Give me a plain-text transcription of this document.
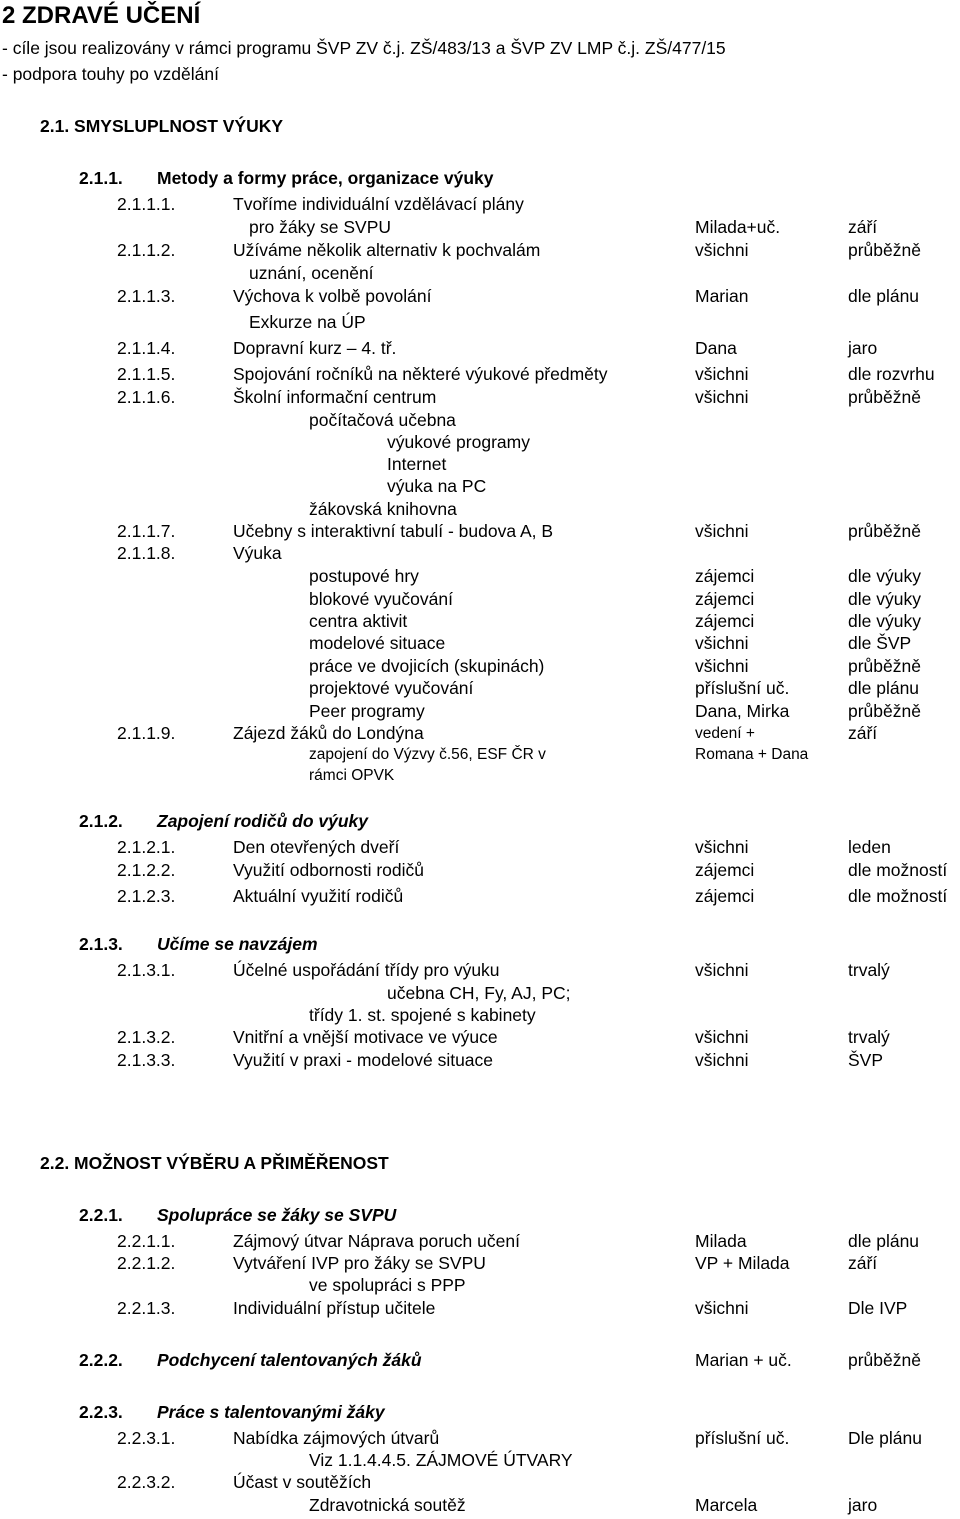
2 ZDRAVÉ UČENÍ
- cíle jsou realizovány v rámci programu ŠVP ZV č.j. ZŠ/483/13 a ŠVP ZV LMP č.j. ZŠ/477/15
- podpora touhy po vzdělání
2.1. SMYSLUPLNOST VÝUKY
2.1.1. Metody a formy práce, organizace výuky
2.1.1.1.	Tvoříme individuální vzdělávací plány
pro žáky se SVPU	Milada+uč.	září
2.1.1.2.	Užíváme několik alternativ k pochvalám	všichni	průběžně
uznání, ocenění
2.1.1.3.	Výchova k volbě povolání	Marian	dle plánu
Exkurze na ÚP
2.1.1.4.	Dopravní kurz – 4. tř.	Dana	jaro
2.1.1.5.	Spojování ročníků na některé výukové předměty	všichni	dle rozvrhu
2.1.1.6.	Školní informační centrum	všichni	průběžně
počítačová učebna
výukové programy
Internet
výuka na PC
žákovská knihovna
2.1.1.7.	Učebny s interaktivní tabulí - budova A, B	všichni	průběžně
2.1.1.8.	Výuka
postupové hry	zájemci	dle výuky
blokové vyučování	zájemci	dle výuky
centra aktivit	zájemci	dle výuky
modelové situace	všichni	dle ŠVP
práce ve dvojicích (skupinách)	všichni	průběžně
projektové vyučování	příslušní uč.	dle plánu
Peer programy	Dana, Mirka	průběžně
2.1.1.9.	Zájezd žáků do Londýna	vedení +	září
zapojení do Výzvy č.56, ESF ČR v	Romana + Dana
rámci OPVK
2.1.2. Zapojení rodičů do výuky
2.1.2.1.	Den otevřených dveří	všichni	leden
2.1.2.2.	Využití odbornosti rodičů	zájemci	dle možností
2.1.2.3.	Aktuální využití rodičů	zájemci	dle možností
2.1.3. Učíme se navzájem
2.1.3.1.	Účelné uspořádání třídy pro výuku	všichni	trvalý
učebna CH, Fy, AJ, PC;
třídy 1. st. spojené s kabinety
2.1.3.2.	Vnitřní a vnější motivace ve výuce	všichni	trvalý
2.1.3.3.	Využití v praxi - modelové situace	všichni	ŠVP
2.2. MOŽNOST VÝBĚRU A PŘIMĚŘENOST
2.2.1. Spolupráce se žáky se SVPU
2.2.1.1.	Zájmový útvar Náprava poruch učení	Milada	dle plánu
2.2.1.2.	Vytváření IVP pro žáky se SVPU	VP + Milada	září
ve spolupráci s PPP
2.2.1.3.	Individuální přístup učitele	všichni	Dle IVP
2.2.2. Podchycení talentovaných žáků	Marian + uč.	průběžně
2.2.3. Práce s talentovanými žáky
2.2.3.1.	Nabídka zájmových útvarů	příslušní uč.	Dle plánu
Viz 1.1.4.4.5. ZÁJMOVÉ ÚTVARY
2.2.3.2.	Účast v soutěžích
Zdravotnická soutěž	Marcela	jaro
